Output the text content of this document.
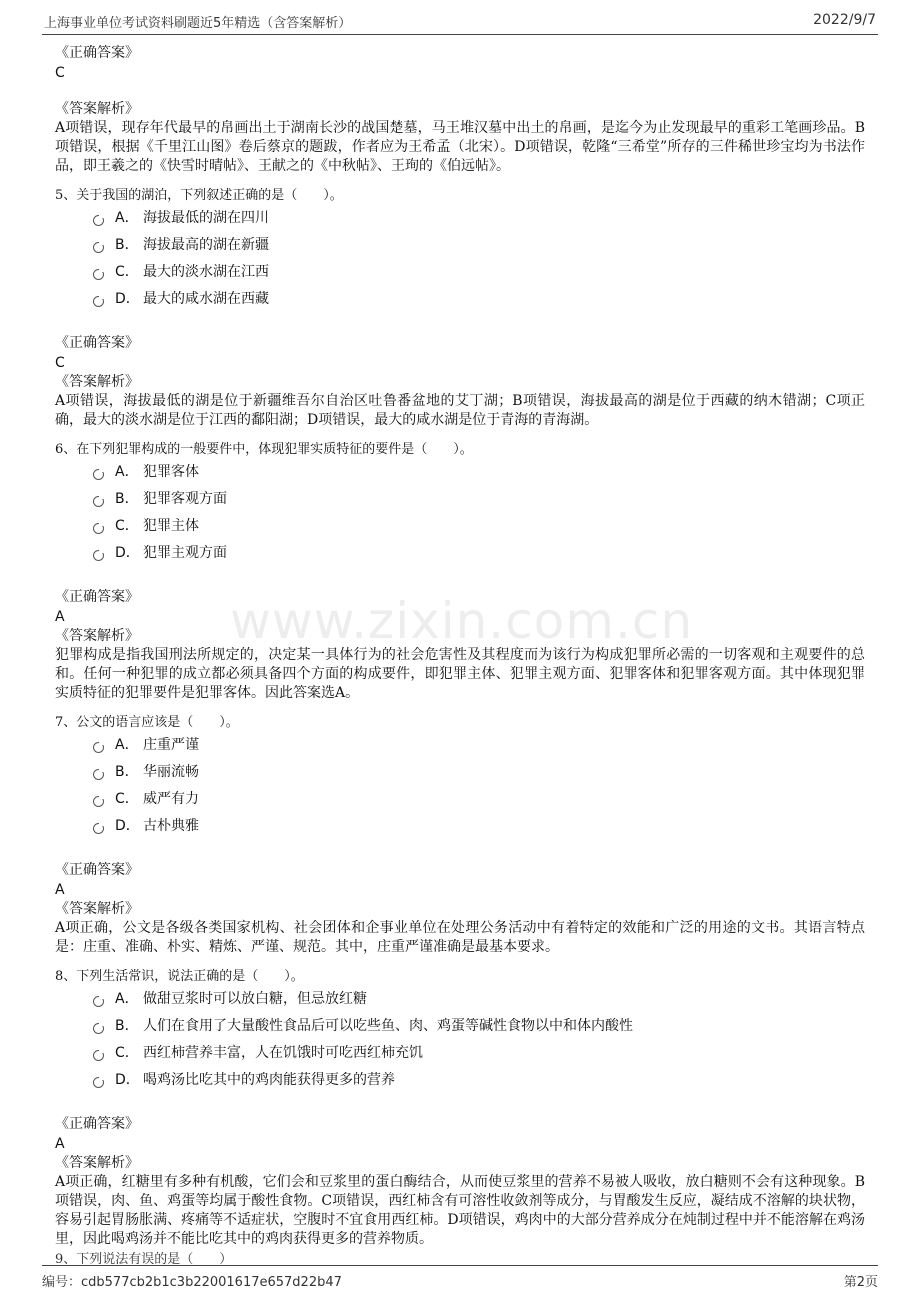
上海事业单位考试资料刷题近5年精选（含答案解析）	2022/9/7
www.zixin.com.cn
《正确答案》
C
《答案解析》

A项错误，现存年代最早的帛画出土于湖南长沙的战国楚墓，马王堆汉墓中出土的帛画，是迄今为止发现最早的重彩工笔画珍品。B项错误，根据《千里江山图》卷后蔡京的题跋，作者应为王希孟（北宋）。D项错误，乾隆“三希堂”所存的三件稀世珍宝均为书法作品，即王羲之的《快雪时晴帖》、王献之的《中秋帖》、王珣的《伯远帖》。

5、关于我国的湖泊，下列叙述正确的是（　　）。
A． 海拔最低的湖在四川
B． 海拔最高的湖在新疆
C． 最大的淡水湖在江西
D． 最大的咸水湖在西藏
《正确答案》
C
《答案解析》

A项错误，海拔最低的湖是位于新疆维吾尔自治区吐鲁番盆地的艾丁湖；B项错误，海拔最高的湖是位于西藏的纳木错湖；C项正确，最大的淡水湖是位于江西的鄱阳湖；D项错误，最大的咸水湖是位于青海的青海湖。

6、在下列犯罪构成的一般要件中，体现犯罪实质特征的要件是（　　）。
A． 犯罪客体
B． 犯罪客观方面
C． 犯罪主体
D． 犯罪主观方面
《正确答案》
A
《答案解析》

犯罪构成是指我国刑法所规定的，决定某一具体行为的社会危害性及其程度而为该行为构成犯罪所必需的一切客观和主观要件的总和。任何一种犯罪的成立都必须具备四个方面的构成要件，即犯罪主体、犯罪主观方面、犯罪客体和犯罪客观方面。其中体现犯罪实质特征的犯罪要件是犯罪客体。因此答案选A。

7、公文的语言应该是（　　）。
A． 庄重严谨
B． 华丽流畅
C． 威严有力
D． 古朴典雅
《正确答案》
A
《答案解析》

A项正确，公文是各级各类国家机构、社会团体和企事业单位在处理公务活动中有着特定的效能和广泛的用途的文书。其语言特点是：庄重、准确、朴实、精炼、严谨、规范。其中，庄重严谨准确是最基本要求。

8、下列生活常识，说法正确的是（　　）。
A． 做甜豆浆时可以放白糖，但忌放红糖
B． 人们在食用了大量酸性食品后可以吃些鱼、肉、鸡蛋等碱性食物以中和体内酸性
C． 西红柿营养丰富，人在饥饿时可吃西红柿充饥
D． 喝鸡汤比吃其中的鸡肉能获得更多的营养
《正确答案》
A
《答案解析》

A项正确，红糖里有多种有机酸，它们会和豆浆里的蛋白酶结合，从而使豆浆里的营养不易被人吸收，放白糖则不会有这种现象。B项错误，肉、鱼、鸡蛋等均属于酸性食物。C项错误，西红柿含有可溶性收敛剂等成分，与胃酸发生反应，凝结成不溶解的块状物，容易引起胃肠胀满、疼痛等不适症状，空腹时不宜食用西红柿。D项错误，鸡肉中的大部分营养成分在炖制过程中并不能溶解在鸡汤里，因此喝鸡汤并不能比吃其中的鸡肉获得更多的营养物质。

9、下列说法有误的是（　　）
编号：cdb577cb2b1c3b22001617e657d22b47	第2页
